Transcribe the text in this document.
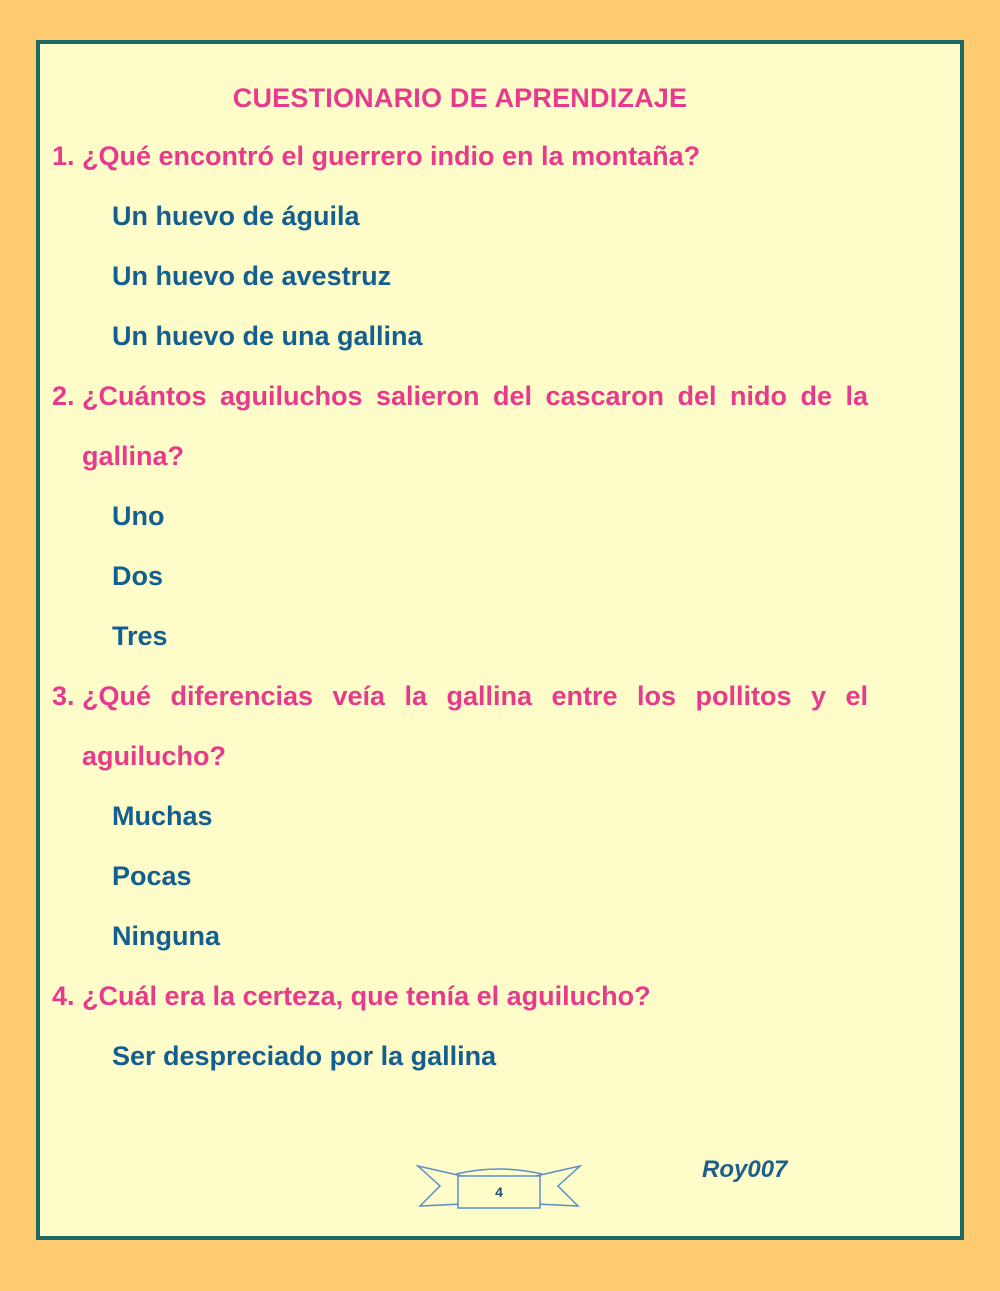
CUESTIONARIO DE APRENDIZAJE
1. ¿Qué encontró el guerrero indio en la montaña?
Un huevo de águila
Un huevo de avestruz
Un huevo de una gallina
2. ¿Cuántos aguiluchos salieron del cascaron del nido de la gallina?
Uno
Dos
Tres
3. ¿Qué diferencias veía la gallina entre los pollitos y el aguilucho?
Muchas
Pocas
Ninguna
4. ¿Cuál era la certeza, que tenía el aguilucho?
Ser despreciado por la gallina
4
Roy007
